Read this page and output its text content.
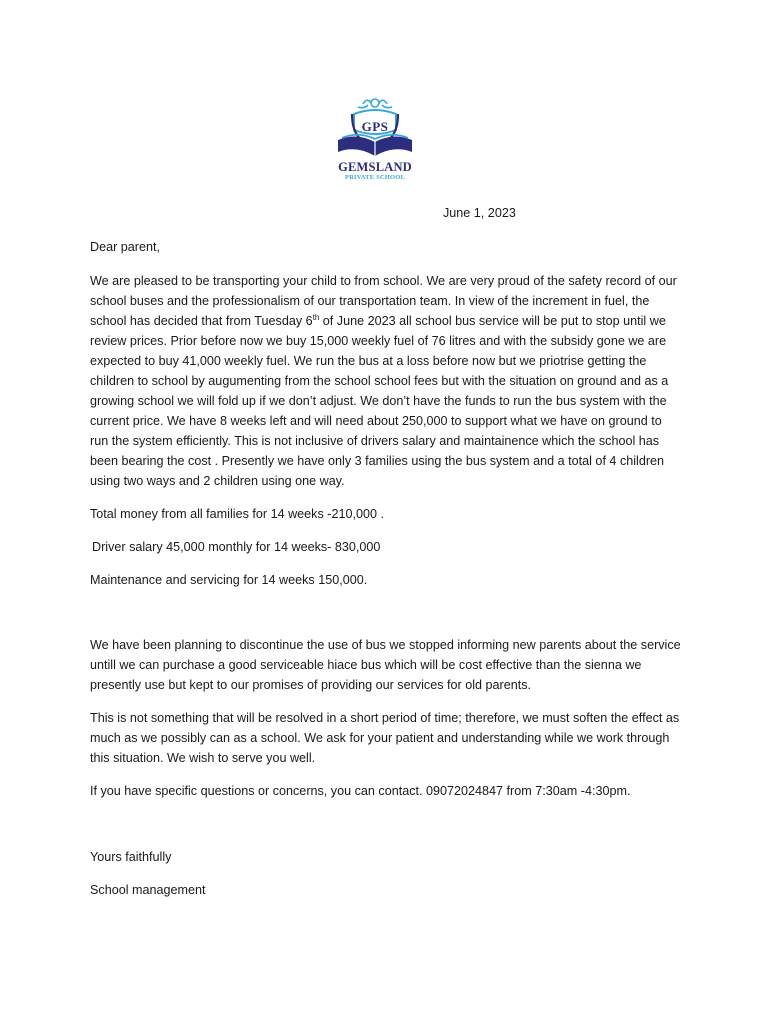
GPS
GEMSLAND
PRIVATE SCHOOL
June 1, 2023

Dear parent,

We are pleased to be transporting your child to from school. We are very proud of the safety record of our school buses and the professionalism of our transportation team. In view of the increment in fuel, the school has decided that from Tuesday 6th of June 2023 all school bus service will be put to stop until we review prices. Prior before now we buy 15,000 weekly fuel of 76 litres and with the subsidy gone we are expected to buy 41,000 weekly fuel. We run the bus at a loss before now but we priotrise getting the children to school by augumenting from the school school fees but with the situation on ground and as a growing school we will fold up if we don’t adjust. We don’t have the funds to run the bus system with the current price. We have 8 weeks left and will need about 250,000 to support what we have on ground to run the system efficiently. This is not inclusive of drivers salary and maintainence which the school has been bearing the cost . Presently we have only 3 families using the bus system and a total of 4 children using two ways and 2 children using one way.

Total money from all families for 14 weeks -210,000 .

Driver salary 45,000 monthly for 14 weeks- 830,000

Maintenance and servicing for 14 weeks 150,000.

We have been planning to discontinue the use of bus we stopped informing new parents about the service untill we can purchase a good serviceable hiace bus which will be cost effective than the sienna we presently use but kept to our promises of providing our services for old parents.

This is not something that will be resolved in a short period of time; therefore, we must soften the effect as much as we possibly can as a school. We ask for your patient and understanding while we work through this situation. We wish to serve you well.

If you have specific questions or concerns, you can contact. 09072024847 from 7:30am -4:30pm.

Yours faithfully

School management
